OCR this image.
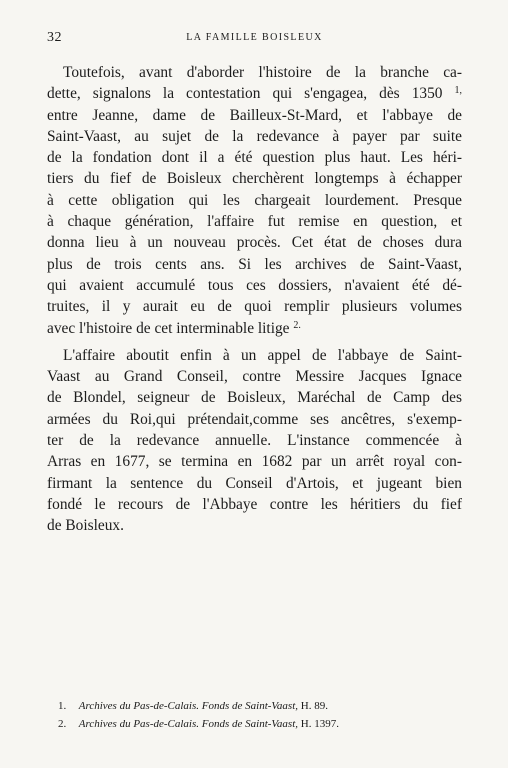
32	LA FAMILLE BOISLEUX

Toutefois, avant d'aborder l'histoire de la branche ca-
dette, signalons la contestation qui s'engagea, dès 1350 $^{1,}$
entre Jeanne, dame de Bailleux-St-Mard, et l'abbaye de
Saint-Vaast, au sujet de la redevance à payer par suite
de la fondation dont il a été question plus haut. Les héri-
tiers du fief de Boisleux cherchèrent longtemps à échapper
à cette obligation qui les chargeait lourdement. Presque
à chaque génération, l'affaire fut remise en question, et
donna lieu à un nouveau procès. Cet état de choses dura
plus de trois cents ans. Si les archives de Saint-Vaast,
qui avaient accumulé tous ces dossiers, n'avaient été dé-
truites, il y aurait eu de quoi remplir plusieurs volumes
avec l'histoire de cet interminable litige $^{2.}$

L'affaire aboutit enfin à un appel de l'abbaye de Saint-
Vaast au Grand Conseil, contre Messire Jacques Ignace
de Blondel, seigneur de Boisleux, Maréchal de Camp des
armées du Roi,qui prétendait,comme ses ancêtres, s'exemp-
ter de la redevance annuelle. L'instance commencée à
Arras en 1677, se termina en 1682 par un arrêt royal con-
firmant la sentence du Conseil d'Artois, et jugeant bien
fondé le recours de l'Abbaye contre les héritiers du fief
de Boisleux.

1. Archives du Pas-de-Calais. Fonds de Saint-Vaast, H. 89.
2. Archives du Pas-de-Calais. Fonds de Saint-Vaast, H. 1397.
